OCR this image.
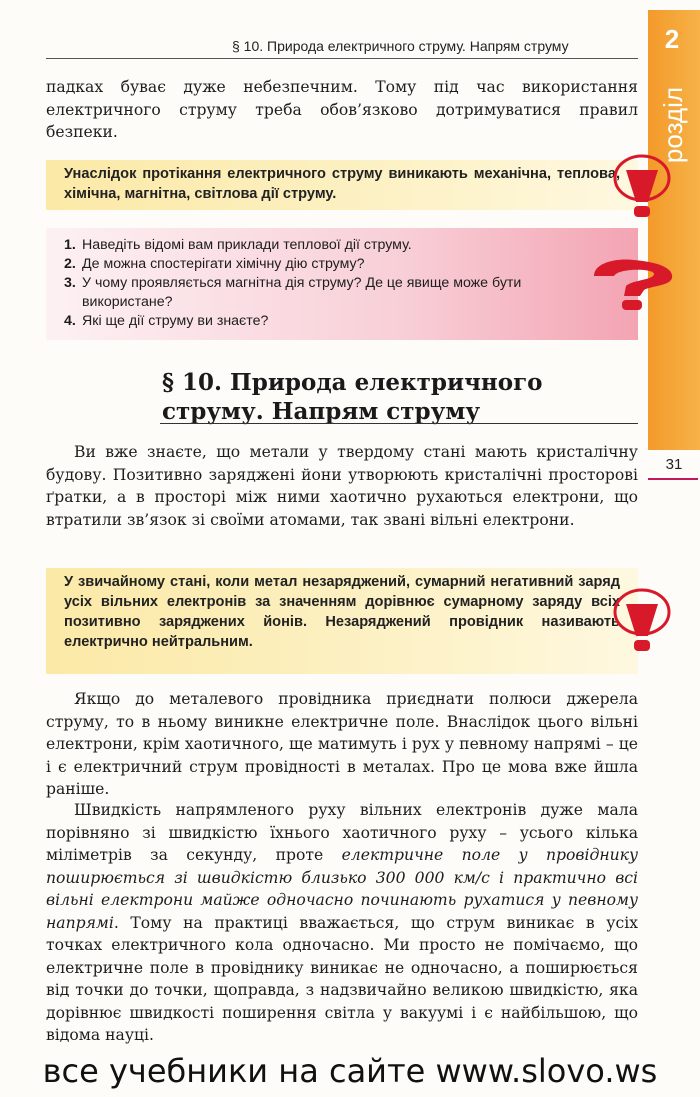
§ 10. Природа електричного струму. Напрям струму	2
розділ
31

падках буває дуже небезпечним. Тому під час використання електричного струму треба обов’язково дотримуватися правил безпеки.

Унаслідок протікання електричного струму виникають механічна, теплова, хімічна, магнітна, світлова дії струму.
1. Наведіть відомі вам приклади теплової дії струму.
2. Де можна спостерігати хімічну дію струму?
3. У чому проявляється магнітна дія струму? Де це явище може бути використане?
4. Які ще дії струму ви знаєте?
§ 10. Природа електричного струму. Напрям струму

Ви вже знаєте, що метали у твердому стані мають кристалічну будову. Позитивно заряджені йони утворюють кристалічні просторові ґратки, а в просторі між ними хаотично рухаються електрони, що втратили зв’язок зі своїми атомами, так звані вільні електрони.

У звичайному стані, коли метал незаряджений, сумарний негативний заряд усіх вільних електронів за значенням дорівнює сумарному заряду всіх позитивно заряджених йонів. Незаряджений провідник називають електрично нейтральним.

Якщо до металевого провідника приєднати полюси джерела струму, то в ньому виникне електричне поле. Внаслідок цього вільні електрони, крім хаотичного, ще матимуть і рух у певному напрямі – це і є електричний струм провідності в металах. Про це мова вже йшла раніше.

Швидкість напрямленого руху вільних електронів дуже мала порівняно зі швидкістю їхнього хаотичного руху – усього кілька міліметрів за секунду, проте електричне поле у провіднику поширюється зі швидкістю близько 300 000 км/с і практично всі вільні електрони майже одночасно починають рухатися у певному напрямі. Тому на практиці вважається, що струм виникає в усіх точках електричного кола одночасно. Ми просто не помічаємо, що електричне поле в провіднику виникає не одночасно, а поширюється від точки до точки, щоправда, з надзвичайно великою швидкістю, яка дорівнює швидкості поширення світла у вакуумі і є найбільшою, що відома науці.

все учебники на сайте www.slovo.ws
